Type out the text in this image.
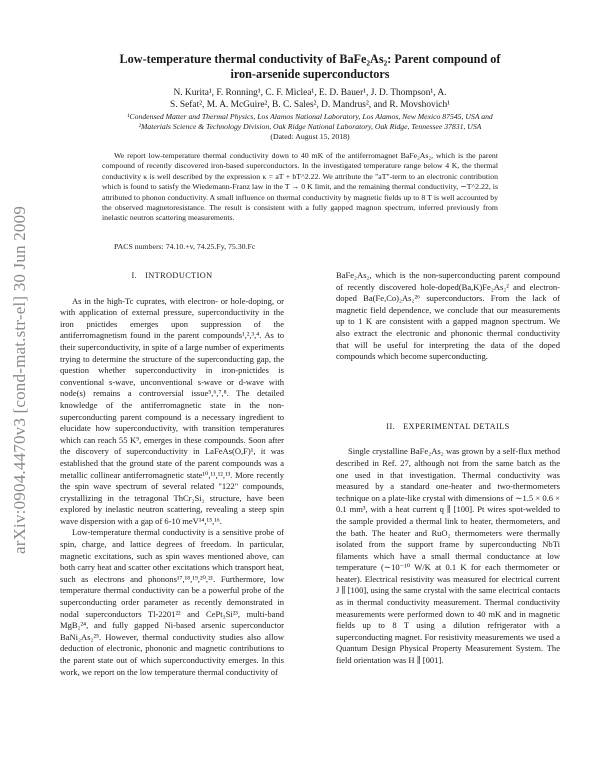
arXiv:0904.4470v3 [cond-mat.str-el] 30 Jun 2009
Low-temperature thermal conductivity of BaFe₂As₂: Parent compound of
iron-arsenide superconductors
N. Kurita¹, F. Ronning¹, C. F. Miclea¹, E. D. Bauer¹, J. D. Thompson¹, A.
S. Sefat², M. A. McGuire², B. C. Sales², D. Mandrus², and R. Movshovich¹
¹Condensed Matter and Thermal Physics, Los Alamos National Laboratory, Los Alamos, New Mexico 87545, USA and
²Materials Science & Technology Division, Oak Ridge National Laboratory, Oak Ridge, Tennessee 37831, USA
(Dated: August 15, 2018)
We report low-temperature thermal conductivity down to 40 mK of the antiferromagnet BaFe₂As₂, which is the parent compound of recently discovered iron-based superconductors. In the investigated temperature range below 4 K, the thermal conductivity κ is well described by the expression κ = aT + bT^2.22. We attribute the "aT"-term to an electronic contribution which is found to satisfy the Wiedemann-Franz law in the T → 0 K limit, and the remaining thermal conductivity, ∼T^2.22, is attributed to phonon conductivity. A small influence on thermal conductivity by magnetic fields up to 8 T is well accounted by the observed magnetoresistance. The result is consistent with a fully gapped magnon spectrum, inferred previously from inelastic neutron scattering measurements.
PACS numbers: 74.10.+v, 74.25.Fy, 75.30.Fc
I. INTRODUCTION

As in the high-Tc cuprates, with electron- or hole-doping, or with application of external pressure, superconductivity in the iron pnictides emerges upon suppression of the antiferromagnetism found in the parent compounds¹,²,³,⁴. As to their superconductivity, in spite of a large number of experiments trying to determine the structure of the superconducting gap, the question whether superconductivity in iron-pnictides is conventional s-wave, unconventional s-wave or d-wave with node(s) remains a controversial issue⁵,⁶,⁷,⁸. The detailed knowledge of the antiferromagnetic state in the non-superconducting parent compound is a necessary ingredient to elucidate how superconductivity, with transition temperatures which can reach 55 K⁹, emerges in these compounds. Soon after the discovery of superconductivity in LaFeAs(O,F)¹, it was established that the ground state of the parent compounds was a metallic collinear antiferromagnetic state¹⁰,¹¹,¹²,¹³. More recently the spin wave spectrum of several related "122" compounds, crystallizing in the tetragonal ThCr₂Si₂ structure, have been explored by inelastic neutron scattering, revealing a steep spin wave dispersion with a gap of 6-10 meV¹⁴,¹⁵,¹⁶.

Low-temperature thermal conductivity is a sensitive probe of spin, charge, and lattice degrees of freedom. In particular, magnetic excitations, such as spin waves mentioned above, can both carry heat and scatter other excitations which transport heat, such as electrons and phonons¹⁷,¹⁸,¹⁹,²⁰,²¹. Furthermore, low temperature thermal conductivity can be a powerful probe of the superconducting order parameter as recently demonstrated in nodal superconductors Tl-2201²² and CePt₃Si²³, multi-band MgB₂²⁴, and fully gapped Ni-based arsenic superconductor BaNi₂As₂²⁵. However, thermal conductivity studies also allow deduction of electronic, phononic and magnetic contributions to the parent state out of which superconductivity emerges. In this work, we report on the low temperature thermal conductivity of

BaFe₂As₂, which is the non-superconducting parent compound of recently discovered hole-doped(Ba,K)Fe₂As₂² and electron-doped Ba(Fe,Co)₂As₂²⁶ superconductors. From the lack of magnetic field dependence, we conclude that our measurements up to 1 K are consistent with a gapped magnon spectrum. We also extract the electronic and phononic thermal conductivity that will be useful for interpreting the data of the doped compounds which become superconducting.

II. EXPERIMENTAL DETAILS

Single crystalline BaFe₂As₂ was grown by a self-flux method described in Ref. 27, although not from the same batch as the one used in that investigation. Thermal conductivity was measured by a standard one-heater and two-thermometers technique on a plate-like crystal with dimensions of ∼1.5 × 0.6 × 0.1 mm³, with a heat current q ∥ [100]. Pt wires spot-welded to the sample provided a thermal link to heater, thermometers, and the bath. The heater and RuO₂ thermometers were thermally isolated from the support frame by superconducting NbTi filaments which have a small thermal conductance at low temperature (∼10⁻¹⁰ W/K at 0.1 K for each thermometer or heater). Electrical resistivity was measured for electrical current J ∥ [100], using the same crystal with the same electrical contacts as in thermal conductivity measurement. Thermal conductivity measurements were performed down to 40 mK and in magnetic fields up to 8 T using a dilution refrigerator with a superconducting magnet. For resistivity measurements we used a Quantum Design Physical Property Measurement System. The field orientation was H ∥ [001].
